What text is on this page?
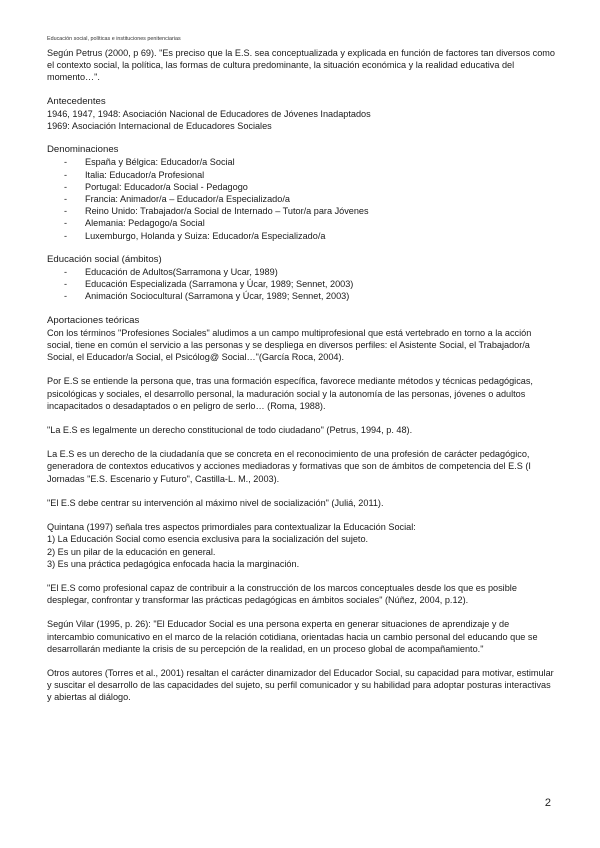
Educación social, políticas e instituciones penitenciarias

Según Petrus (2000, p 69). "Es preciso que la E.S. sea conceptualizada y explicada en función de factores tan diversos como el contexto social, la política, las formas de cultura predominante, la situación económica y la realidad educativa del momento…".

Antecedentes

1946, 1947, 1948: Asociación Nacional de Educadores de Jóvenes Inadaptados

1969: Asociación Internacional de Educadores Sociales

Denominaciones

- España y Bélgica: Educador/a Social
- Italia: Educador/a Profesional
- Portugal: Educador/a Social - Pedagogo
- Francia: Animador/a – Educador/a Especializado/a
- Reino Unido: Trabajador/a Social de Internado – Tutor/a para Jóvenes
- Alemania: Pedagogo/a Social
- Luxemburgo, Holanda y Suiza: Educador/a Especializado/a

Educación social (ámbitos)

- Educación de Adultos(Sarramona y Ucar, 1989)
- Educación Especializada (Sarramona y Úcar, 1989; Sennet, 2003)
- Animación Sociocultural (Sarramona y Úcar, 1989; Sennet, 2003)

Aportaciones teóricas

Con los términos "Profesiones Sociales" aludimos a un campo multiprofesional que está vertebrado en torno a la acción social, tiene en común el servicio a las personas y se despliega en diversos perfiles: el Asistente Social, el Trabajador/a Social, el Educador/a Social, el Psicólog@ Social…"(García Roca, 2004).

Por E.S se entiende la persona que, tras una formación específica, favorece mediante métodos y técnicas pedagógicas, psicológicas y sociales, el desarrollo personal, la maduración social y la autonomía de las personas, jóvenes o adultos incapacitados o desadaptados o en peligro de serlo… (Roma, 1988).

"La E.S es legalmente un derecho constitucional de todo ciudadano" (Petrus, 1994, p. 48).

La E.S es un derecho de la ciudadanía que se concreta en el reconocimiento de una profesión de carácter pedagógico, generadora de contextos educativos y acciones mediadoras y formativas que son de ámbitos de competencia del E.S (I Jornadas "E.S. Escenario y Futuro", Castilla-L. M., 2003).

"El E.S debe centrar su intervención al máximo nivel de socialización" (Juliá, 2011).

Quintana (1997) señala tres aspectos primordiales para contextualizar la Educación Social:

1) La Educación Social como esencia exclusiva para la socialización del sujeto.

2) Es un pilar de la educación en general.

3) Es una práctica pedagógica enfocada hacia la marginación.

"El E.S como profesional capaz de contribuir a la construcción de los marcos conceptuales desde los que es posible desplegar, confrontar y transformar las prácticas pedagógicas en ámbitos sociales" (Núñez, 2004, p.12).

Según Vilar (1995, p. 26): "El Educador Social es una persona experta en generar situaciones de aprendizaje y de intercambio comunicativo en el marco de la relación cotidiana, orientadas hacia un cambio personal del educando que se desarrollarán mediante la crisis de su percepción de la realidad, en un proceso global de acompañamiento."

Otros autores (Torres et al., 2001) resaltan el carácter dinamizador del Educador Social, su capacidad para motivar, estimular y suscitar el desarrollo de las capacidades del sujeto, su perfil comunicador y su habilidad para adoptar posturas interactivas y abiertas al diálogo.

2
